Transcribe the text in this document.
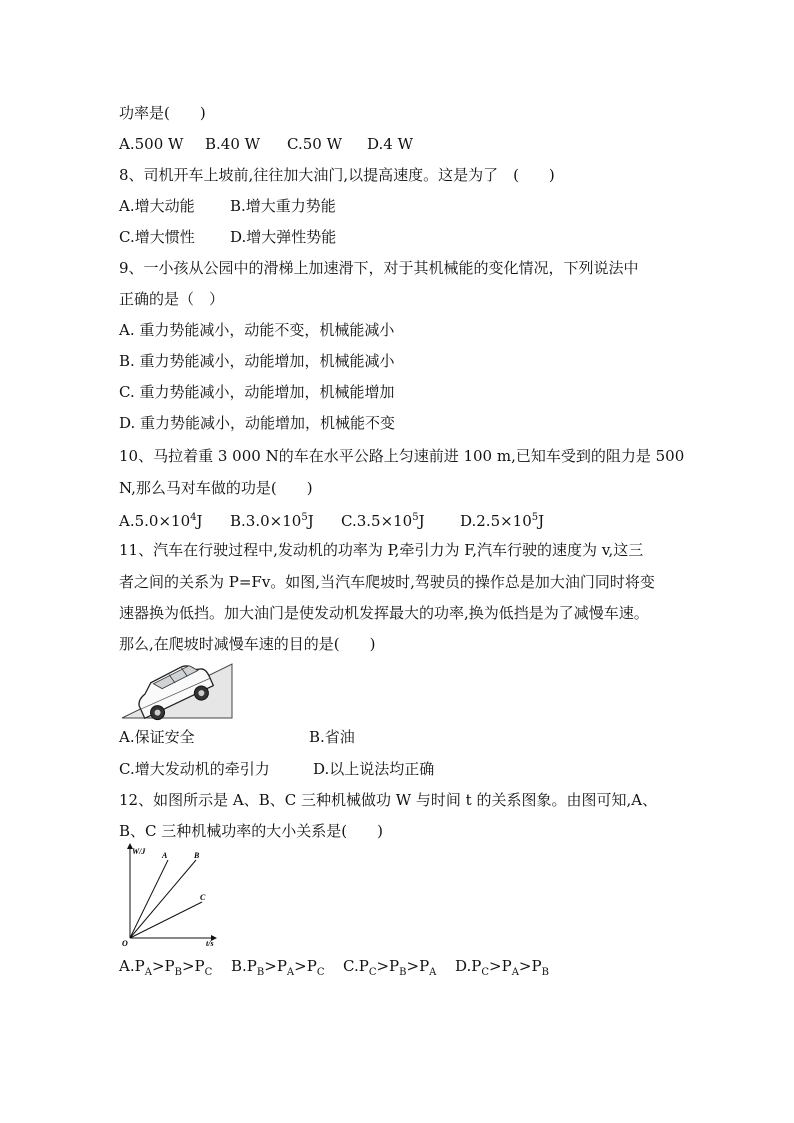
功率是(　　)
A.500 W B.40 W C.50 W D.4 W
8、司机开车上坡前,往往加大油门,以提高速度。这是为了　(　　)
A.增大动能 B.增大重力势能
C.增大惯性 D.增大弹性势能
9、一小孩从公园中的滑梯上加速滑下，对于其机械能的变化情况，下列说法中
正确的是（　）
A. 重力势能减小，动能不变，机械能减小
B. 重力势能减小，动能增加，机械能减小
C. 重力势能减小，动能增加，机械能增加
D. 重力势能减小，动能增加，机械能不变
10、马拉着重 3 000 N的车在水平公路上匀速前进 100 m,已知车受到的阻力是 500
N,那么马对车做的功是(　　)
$A.5.0\times 10^4J$ $B.3.0\times 10^5J$ $C.3.5\times 10^5J$ $D.2.5\times 10^5J$
11、汽车在行驶过程中,发动机的功率为 P,牵引力为 F,汽车行驶的速度为 v,这三
者之间的关系为 P=Fv。如图,当汽车爬坡时,驾驶员的操作总是加大油门同时将变
速器换为低挡。加大油门是使发动机发挥最大的功率,换为低挡是为了减慢车速。
那么,在爬坡时减慢车速的目的是(　　)
A.保证安全	B.省油
C.增大发动机的牵引力	D.以上说法均正确
12、如图所示是 A、B、C 三种机械做功 W 与时间 t 的关系图象。由图可知,A、
B、C 三种机械功率的大小关系是(　　)
W/J
t/s
O
A	B
C
$A.P_A>P_B>P_C$ $B.P_B>P_A>P_C$ $C.P_C>P_B>P_A$ $D.P_C>P_A>P_B$
